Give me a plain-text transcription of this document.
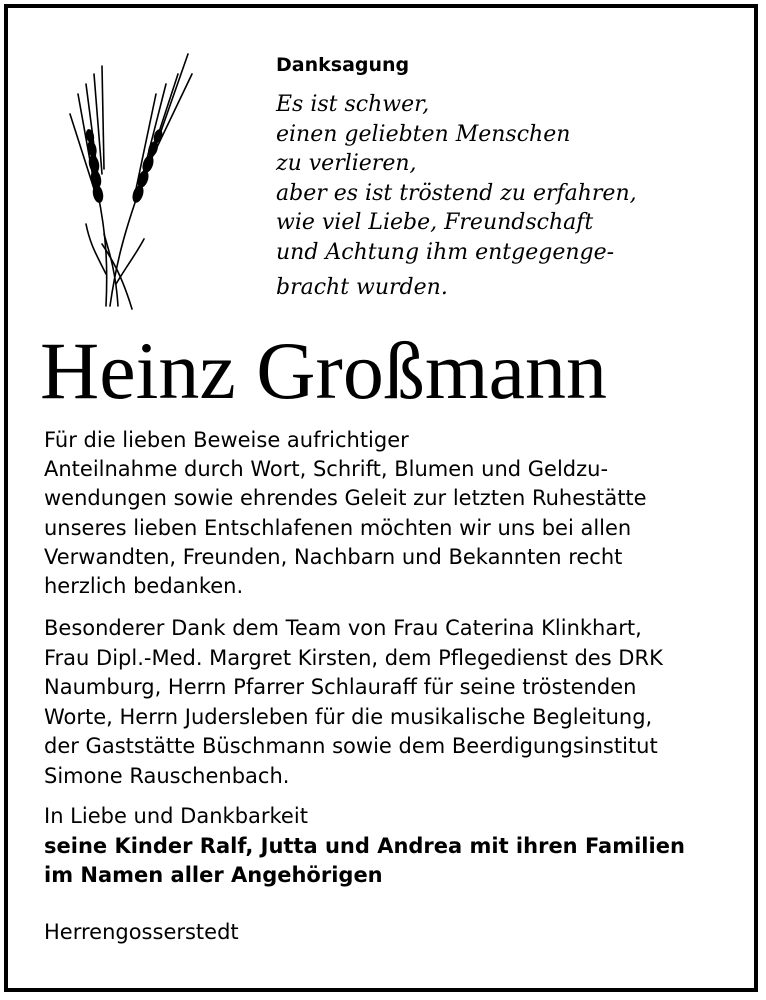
Danksagung
Es ist schwer,
einen geliebten Menschen
zu verlieren,
aber es ist tröstend zu erfahren,
wie viel Liebe, Freundschaft
und Achtung ihm entgegenge-
bracht wurden.
Heinz Großmann
Für die lieben Beweise aufrichtiger
Anteilnahme durch Wort, Schrift, Blumen und Geldzu-
wendungen sowie ehrendes Geleit zur letzten Ruhestätte
unseres lieben Entschlafenen möchten wir uns bei allen
Verwandten, Freunden, Nachbarn und Bekannten recht
herzlich bedanken.
Besonderer Dank dem Team von Frau Caterina Klinkhart,
Frau Dipl.-Med. Margret Kirsten, dem Pflegedienst des DRK
Naumburg, Herrn Pfarrer Schlauraff für seine tröstenden
Worte, Herrn Judersleben für die musikalische Begleitung,
der Gaststätte Büschmann sowie dem Beerdigungsinstitut
Simone Rauschenbach.
In Liebe und Dankbarkeit
seine Kinder Ralf, Jutta und Andrea mit ihren Familien
im Namen aller Angehörigen
Herrengosserstedt
